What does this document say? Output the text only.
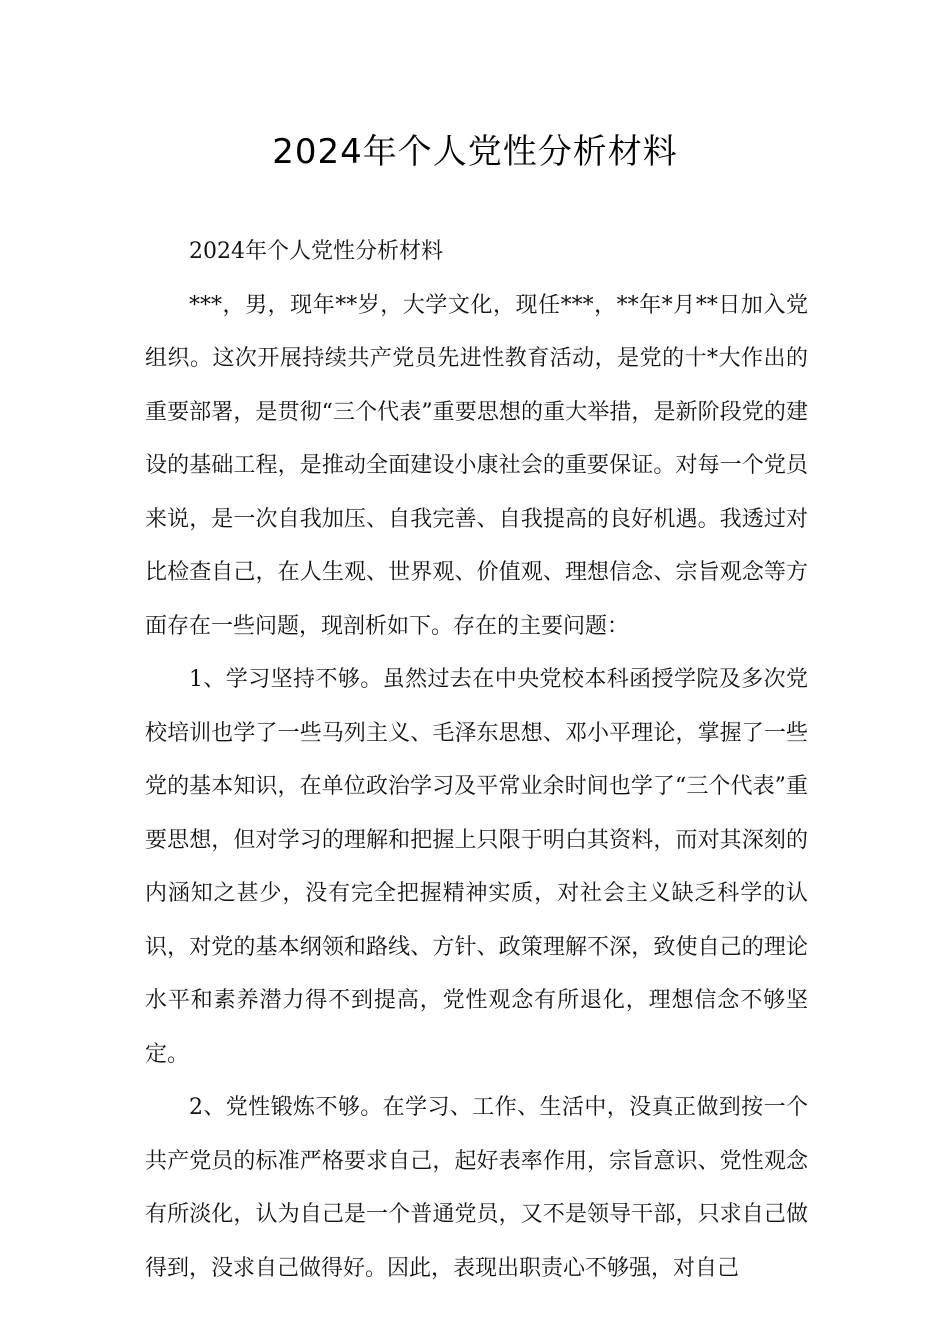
2024年个人党性分析材料

2024年个人党性分析材料

***，男，现年**岁，大学文化，现任***，**年*月**日加入党组织。这次开展持续共产党员先进性教育活动，是党的十*大作出的重要部署，是贯彻“三个代表”重要思想的重大举措，是新阶段党的建设的基础工程，是推动全面建设小康社会的重要保证。对每一个党员来说，是一次自我加压、自我完善、自我提高的良好机遇。我透过对比检查自己，在人生观、世界观、价值观、理想信念、宗旨观念等方面存在一些问题，现剖析如下。存在的主要问题：

1、学习坚持不够。虽然过去在中央党校本科函授学院及多次党校培训也学了一些马列主义、毛泽东思想、邓小平理论，掌握了一些党的基本知识，在单位政治学习及平常业余时间也学了“三个代表”重要思想，但对学习的理解和把握上只限于明白其资料，而对其深刻的内涵知之甚少，没有完全把握精神实质，对社会主义缺乏科学的认识，对党的基本纲领和路线、方针、政策理解不深，致使自己的理论水平和素养潜力得不到提高，党性观念有所退化，理想信念不够坚定。

2、党性锻炼不够。在学习、工作、生活中，没真正做到按一个共产党员的标准严格要求自己，起好表率作用，宗旨意识、党性观念有所淡化，认为自己是一个普通党员，又不是领导干部，只求自己做得到，没求自己做得好。因此，表现出职责心不够强，对自己
